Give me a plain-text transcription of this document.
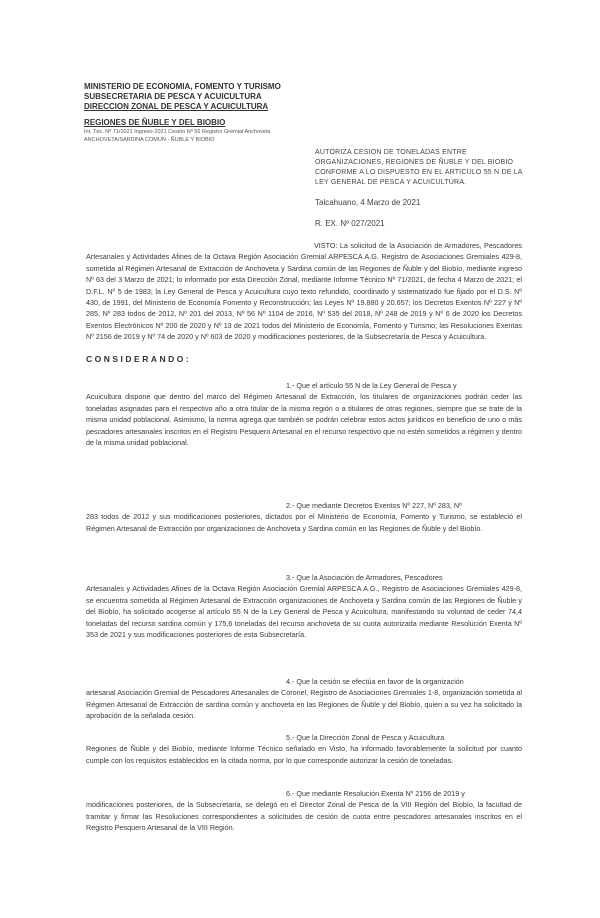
MINISTERIO DE ECONOMIA, FOMENTO Y TURISMO
SUBSECRETARIA DE PESCA Y ACUICULTURA
DIRECCION ZONAL DE PESCA Y ACUICULTURA
REGIONES DE ÑUBLE Y DEL BIOBIO
Int. Téc. Nº 71/2021 Ingreso-2021 Cesión Nº 56 Registro Gremial Anchoveta
ANCHOVETA/SARDINA COMUN - ÑUBLE Y BIOBIO
AUTORIZA CESION DE TONELADAS ENTRE ORGANIZACIONES, REGIONES DE ÑUBLE Y DEL BIOBIO CONFORME A LO DISPUESTO EN EL ARTICULO 55 N DE LA LEY GENERAL DE PESCA Y ACUICULTURA.
Talcahuano, 4 Marzo de 2021
R. EX. Nº 027/2021
VISTO: La solicitud de la Asociación de Armadores, Pescadores Artesanales y Actividades Afines de la Octava Región Asociación Gremial ARPESCA A.G. Registro de Asociaciones Gremiales 429-8, sometida al Régimen Artesanal de Extracción de Anchoveta y Sardina común de las Regiones de Ñuble y del Biobío, mediante ingreso Nº 63 del 3 Marzo de 2021; lo informado por esta Dirección Zonal, mediante Informe Técnico Nº 71/2021, de fecha 4 Marzo de 2021; el D.F.L. Nº 5 de 1983; la Ley General de Pesca y Acuicultura cuyo texto refundido, coordinado y sistematizado fue fijado por el D.S. Nº 430, de 1991, del Ministerio de Economía Fomento y Reconstrucción; las Leyes Nº 19.880 y 20.657; los Decretos Exentos Nº 227 y Nº 285, Nº 283 todos de 2012, Nº 201 del 2013, Nº 56 Nº 1104 de 2016, Nº 535 del 2018, Nº 248 de 2019 y Nº 6 de 2020 los Decretos Exentos Electrónicos Nº 200 de 2020 y Nº 13 de 2021 todos del Ministerio de Economía, Fomento y Turismo; las Resoluciones Exentas Nº 2156 de 2019 y Nº 74 de 2020 y Nº 603 de 2020 y modificaciones posteriores, de la Subsecretaría de Pesca y Acuicultura.
CONSIDERANDO:
1.- Que el artículo 55 N de la Ley General de Pesca y
Acuicultura dispone que dentro del marco del Régimen Artesanal de Extracción, los titulares de organizaciones podrán ceder las toneladas asignadas para el respectivo año a otra titular de la misma región o a titulares de otras regiones, siempre que se trate de la misma unidad poblacional. Asimismo, la norma agrega que también se podrán celebrar estos actos jurídicos en beneficio de uno o más pescadores artesanales inscritos en el Registro Pesquero Artesanal en el recurso respectivo que no estén sometidos a régimen y dentro de la misma unidad poblacional.
2.- Que mediante Decretos Exentos Nº 227, Nº 283, Nº
283 todos de 2012 y sus modificaciones posteriores, dictados por el Ministerio de Economía, Fomento y Turismo, se estableció el Régimen Artesanal de Extracción por organizaciones de Anchoveta y Sardina común en las Regiones de Ñuble y del Biobío.
3.- Que la Asociación de Armadores, Pescadores
Artesanales y Actividades Afines de la Octava Región Asociación Gremial ARPESCA A.G., Registro de Asociaciones Gremiales 429-8, se encuentra sometida al Régimen Artesanal de Extracción organizaciones de Anchoveta y Sardina común de las Regiones de Ñuble y del Biobío, ha solicitado acogerse al artículo 55 N de la Ley General de Pesca y Acuicultura, manifestando su voluntad de ceder 74,4 toneladas del recurso sardina común y 175,6 toneladas del recurso anchoveta de su cuota autorizada mediante Resolución Exenta Nº 353 de 2021 y sus modificaciones posteriores de esta Subsecretaría.
4.- Que la cesión se efectúa en favor de la organización
artesanal Asociación Gremial de Pescadores Artesanales de Coronel, Registro de Asociaciones Gremiales 1-8, organización sometida al Régimen Artesanal de Extracción de sardina común y anchoveta en las Regiones de Ñuble y del Biobío, quien a su vez ha solicitado la aprobación de la señalada cesión.
5.- Que la Dirección Zonal de Pesca y Acuicultura
Regiones de Ñuble y del Biobío, mediante Informe Técnico señalado en Visto, ha informado favorablemente la solicitud por cuanto cumple con los requisitos establecidos en la citada norma, por lo que corresponde autorizar la cesión de toneladas.
6.- Que mediante Resolución Exenta Nº 2156 de 2019 y
modificaciones posteriores, de la Subsecretaría, se delegó en el Director Zonal de Pesca de la VIII Región del Biobío, la facultad de tramitar y firmar las Resoluciones correspondientes a solicitudes de cesión de cuota entre pescadores artesanales inscritos en el Registro Pesquero Artesanal de la VIII Región.
